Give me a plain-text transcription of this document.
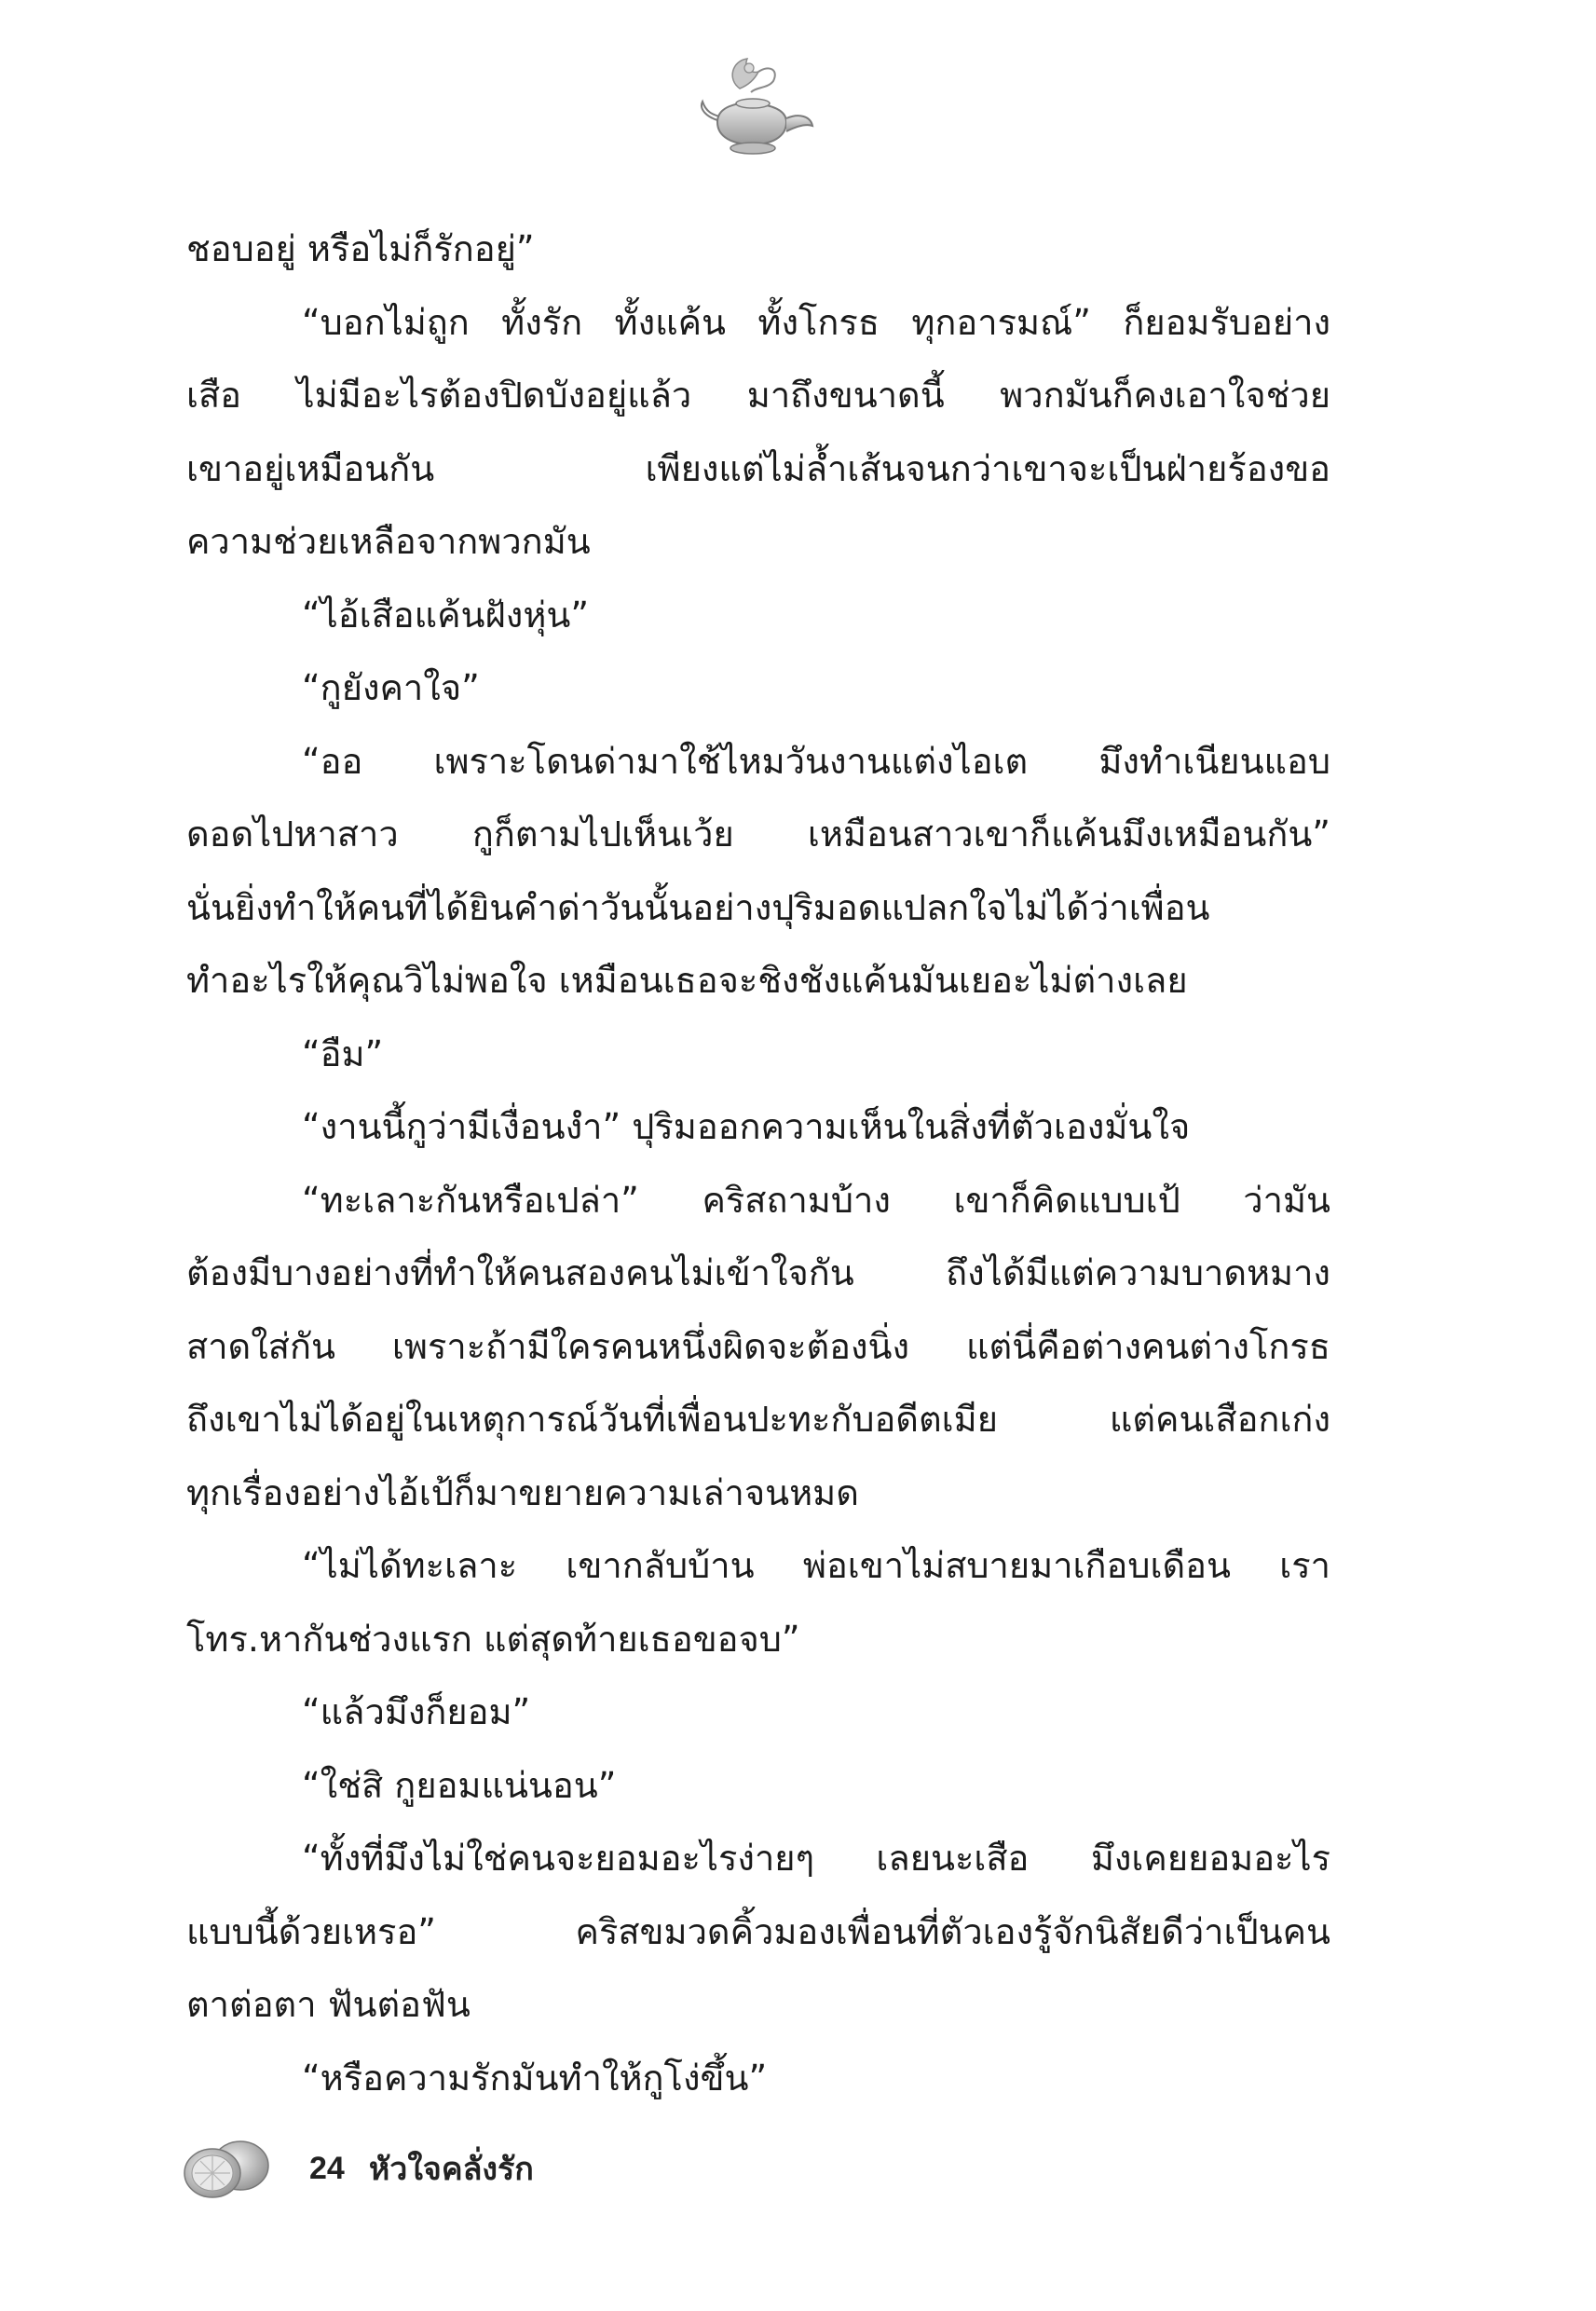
ชอบอยู่ หรือไม่ก็รักอยู่”
“บอกไม่ถูก ทั้งรัก ทั้งแค้น ทั้งโกรธ ทุกอารมณ์” ก็ยอมรับอย่าง
เสือ ไม่มีอะไรต้องปิดบังอยู่แล้ว มาถึงขนาดนี้ พวกมันก็คงเอาใจช่วย
เขาอยู่เหมือนกัน เพียงแต่ไม่ล้ำเส้นจนกว่าเขาจะเป็นฝ่ายร้องขอ
ความช่วยเหลือจากพวกมัน
“ไอ้เสือแค้นฝังหุ่น”
“กูยังคาใจ”
“ออ เพราะโดนด่ามาใช้ไหมวันงานแต่งไอเต มึงทำเนียนแอบ
ดอดไปหาสาว กูก็ตามไปเห็นเว้ย เหมือนสาวเขาก็แค้นมึงเหมือนกัน”
นั่นยิ่งทำให้คนที่ได้ยินคำด่าวันนั้นอย่างปุริมอดแปลกใจไม่ได้ว่าเพื่อน
ทำอะไรให้คุณวิไม่พอใจ เหมือนเธอจะชิงชังแค้นมันเยอะไม่ต่างเลย
“อืม”
“งานนี้กูว่ามีเงื่อนงำ” ปุริมออกความเห็นในสิ่งที่ตัวเองมั่นใจ
“ทะเลาะกันหรือเปล่า” คริสถามบ้าง เขาก็คิดแบบเป้ ว่ามัน
ต้องมีบางอย่างที่ทำให้คนสองคนไม่เข้าใจกัน ถึงได้มีแต่ความบาดหมาง
สาดใส่กัน เพราะถ้ามีใครคนหนึ่งผิดจะต้องนิ่ง แต่นี่คือต่างคนต่างโกรธ
ถึงเขาไม่ได้อยู่ในเหตุการณ์วันที่เพื่อนปะทะกับอดีตเมีย แต่คนเสือกเก่ง
ทุกเรื่องอย่างไอ้เป้ก็มาขยายความเล่าจนหมด
“ไม่ได้ทะเลาะ เขากลับบ้าน พ่อเขาไม่สบายมาเกือบเดือน เรา
โทร.หากันช่วงแรก แต่สุดท้ายเธอขอจบ”
“แล้วมึงก็ยอม”
“ใช่สิ กูยอมแน่นอน”
“ทั้งที่มึงไม่ใช่คนจะยอมอะไรง่ายๆ เลยนะเสือ มึงเคยยอมอะไร
แบบนี้ด้วยเหรอ” คริสขมวดคิ้วมองเพื่อนที่ตัวเองรู้จักนิสัยดีว่าเป็นคน
ตาต่อตา ฟันต่อฟัน
“หรือความรักมันทำให้กูโง่ขึ้น”
24 หัวใจคลั่งรัก
